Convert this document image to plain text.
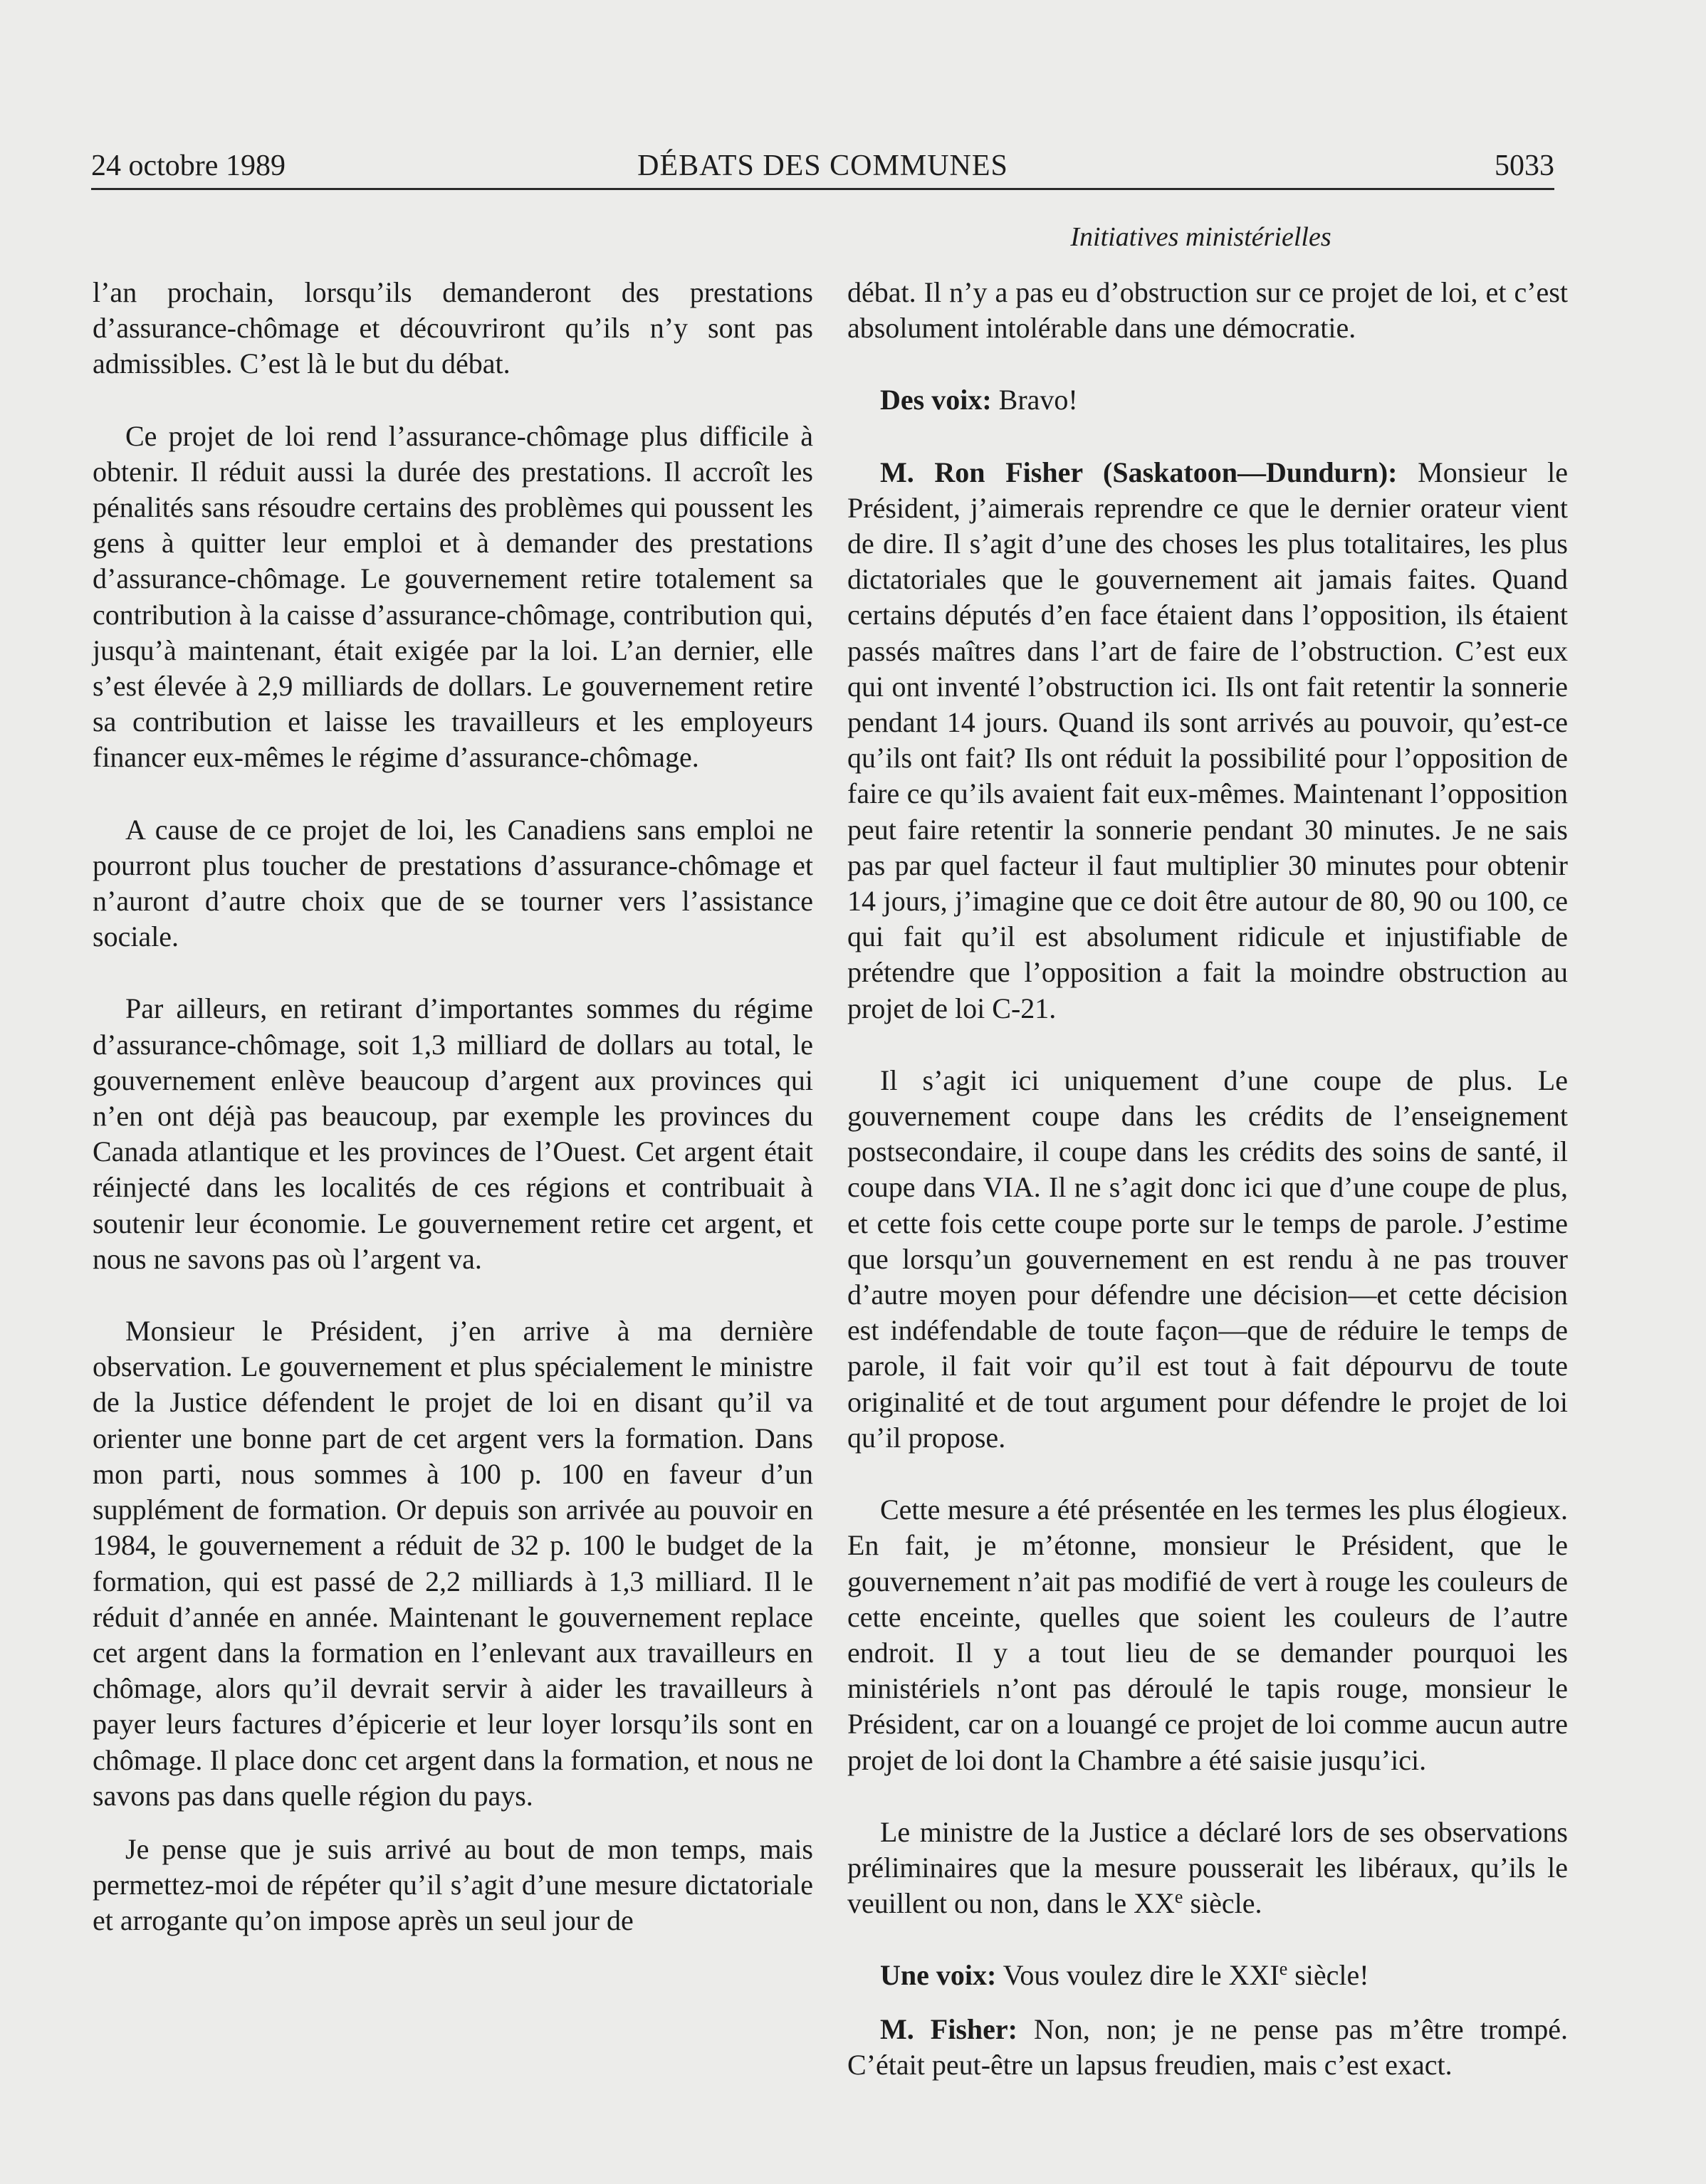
24 octobre 1989	DÉBATS DES COMMUNES	5033
Initiatives ministérielles

l’an prochain, lorsqu’ils demanderont des prestations d’assurance-chômage et découvriront qu’ils n’y sont pas admissibles. C’est là le but du débat.

Ce projet de loi rend l’assurance-chômage plus difficile à obtenir. Il réduit aussi la durée des prestations. Il accroît les pénalités sans résoudre certains des problèmes qui poussent les gens à quitter leur emploi et à demander des prestations d’assurance-chômage. Le gouvernement retire totalement sa contribution à la caisse d’assurance-chômage, contribution qui, jusqu’à maintenant, était exigée par la loi. L’an dernier, elle s’est élevée à 2,9 milliards de dollars. Le gouvernement retire sa contribution et laisse les travailleurs et les employeurs financer eux-mêmes le régime d’assurance-chômage.

A cause de ce projet de loi, les Canadiens sans emploi ne pourront plus toucher de prestations d’assurance-chômage et n’auront d’autre choix que de se tourner vers l’assistance sociale.

Par ailleurs, en retirant d’importantes sommes du régime d’assurance-chômage, soit 1,3 milliard de dollars au total, le gouvernement enlève beaucoup d’argent aux provinces qui n’en ont déjà pas beaucoup, par exemple les provinces du Canada atlantique et les provinces de l’Ouest. Cet argent était réinjecté dans les localités de ces régions et contribuait à soutenir leur économie. Le gouvernement retire cet argent, et nous ne savons pas où l’argent va.

Monsieur le Président, j’en arrive à ma dernière observation. Le gouvernement et plus spécialement le ministre de la Justice défendent le projet de loi en disant qu’il va orienter une bonne part de cet argent vers la formation. Dans mon parti, nous sommes à 100 p. 100 en faveur d’un supplément de formation. Or depuis son arrivée au pouvoir en 1984, le gouvernement a réduit de 32 p. 100 le budget de la formation, qui est passé de 2,2 milliards à 1,3 milliard. Il le réduit d’année en année. Maintenant le gouvernement replace cet argent dans la formation en l’enlevant aux travailleurs en chômage, alors qu’il devrait servir à aider les travailleurs à payer leurs factures d’épicerie et leur loyer lorsqu’ils sont en chômage. Il place donc cet argent dans la formation, et nous ne savons pas dans quelle région du pays.

Je pense que je suis arrivé au bout de mon temps, mais permettez-moi de répéter qu’il s’agit d’une mesure dictatoriale et arrogante qu’on impose après un seul jour de

débat. Il n’y a pas eu d’obstruction sur ce projet de loi, et c’est absolument intolérable dans une démocratie.

Des voix: Bravo!

M. Ron Fisher (Saskatoon—Dundurn): Monsieur le Président, j’aimerais reprendre ce que le dernier orateur vient de dire. Il s’agit d’une des choses les plus totalitaires, les plus dictatoriales que le gouvernement ait jamais faites. Quand certains députés d’en face étaient dans l’opposition, ils étaient passés maîtres dans l’art de faire de l’obstruction. C’est eux qui ont inventé l’obstruction ici. Ils ont fait retentir la sonnerie pendant 14 jours. Quand ils sont arrivés au pouvoir, qu’est-ce qu’ils ont fait? Ils ont réduit la possibilité pour l’opposition de faire ce qu’ils avaient fait eux-mêmes. Maintenant l’opposition peut faire retentir la sonnerie pendant 30 minutes. Je ne sais pas par quel facteur il faut multiplier 30 minutes pour obtenir 14 jours, j’imagine que ce doit être autour de 80, 90 ou 100, ce qui fait qu’il est absolument ridicule et injustifiable de prétendre que l’opposition a fait la moindre obstruction au projet de loi C-21.

Il s’agit ici uniquement d’une coupe de plus. Le gouvernement coupe dans les crédits de l’enseignement postsecondaire, il coupe dans les crédits des soins de santé, il coupe dans VIA. Il ne s’agit donc ici que d’une coupe de plus, et cette fois cette coupe porte sur le temps de parole. J’estime que lorsqu’un gouvernement en est rendu à ne pas trouver d’autre moyen pour défendre une décision—et cette décision est indéfendable de toute façon—que de réduire le temps de parole, il fait voir qu’il est tout à fait dépourvu de toute originalité et de tout argument pour défendre le projet de loi qu’il propose.

Cette mesure a été présentée en les termes les plus élogieux. En fait, je m’étonne, monsieur le Président, que le gouvernement n’ait pas modifié de vert à rouge les couleurs de cette enceinte, quelles que soient les couleurs de l’autre endroit. Il y a tout lieu de se demander pourquoi les ministériels n’ont pas déroulé le tapis rouge, monsieur le Président, car on a louangé ce projet de loi comme aucun autre projet de loi dont la Chambre a été saisie jusqu’ici.

Le ministre de la Justice a déclaré lors de ses observations préliminaires que la mesure pousserait les libéraux, qu’ils le veuillent ou non, dans le XXe siècle.

Une voix: Vous voulez dire le XXIe siècle!

M. Fisher: Non, non; je ne pense pas m’être trompé. C’était peut-être un lapsus freudien, mais c’est exact.
